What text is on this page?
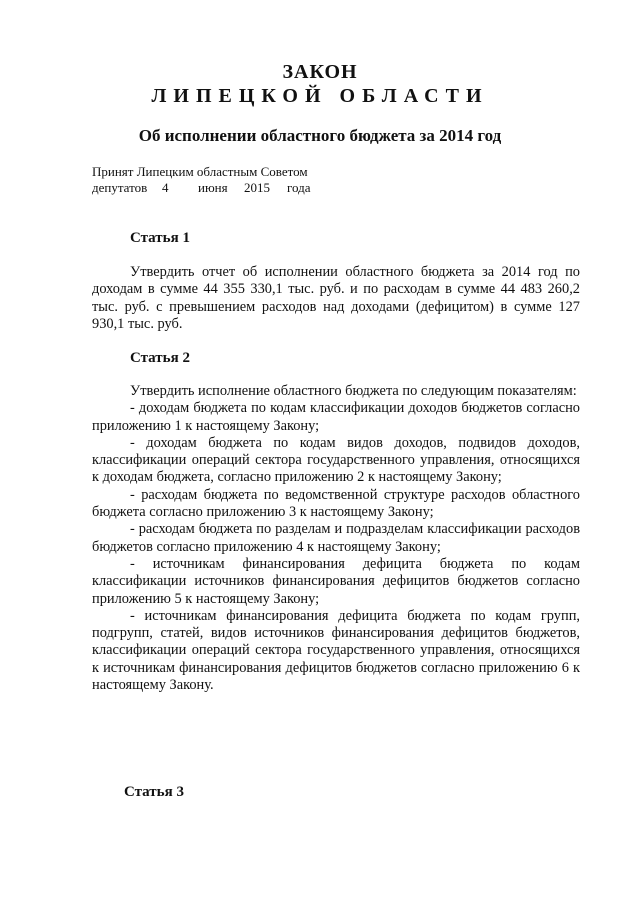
ЗАКОН
ЛИПЕЦКОЙ ОБЛАСТИ
Об исполнении областного бюджета за 2014 год
Принят Липецким областным Советом
депутатов 4 июня 2015 года
Статья 1

Утвердить отчет об исполнении областного бюджета за 2014 год по доходам в сумме 44 355 330,1 тыс. руб. и по расходам в сумме 44 483 260,2 тыс. руб. с превышением расходов над доходами (дефицитом) в сумме 127 930,1 тыс. руб.

Статья 2

Утвердить исполнение областного бюджета по следующим показателям:

- доходам бюджета по кодам классификации доходов бюджетов согласно приложению 1 к настоящему Закону;

- доходам бюджета по кодам видов доходов, подвидов доходов, классификации операций сектора государственного управления, относящихся к доходам бюджета, согласно приложению 2 к настоящему Закону;

- расходам бюджета по ведомственной структуре расходов областного бюджета согласно приложению 3 к настоящему Закону;

- расходам бюджета по разделам и подразделам классификации расходов бюджетов согласно приложению 4 к настоящему Закону;

- источникам финансирования дефицита бюджета по кодам классификации источников финансирования дефицитов бюджетов согласно приложению 5 к настоящему Закону;

- источникам финансирования дефицита бюджета по кодам групп, подгрупп, статей, видов источников финансирования дефицитов бюджетов, классификации операций сектора государственного управления, относящихся к источникам финансирования дефицитов бюджетов согласно приложению 6 к настоящему Закону.

Статья 3
